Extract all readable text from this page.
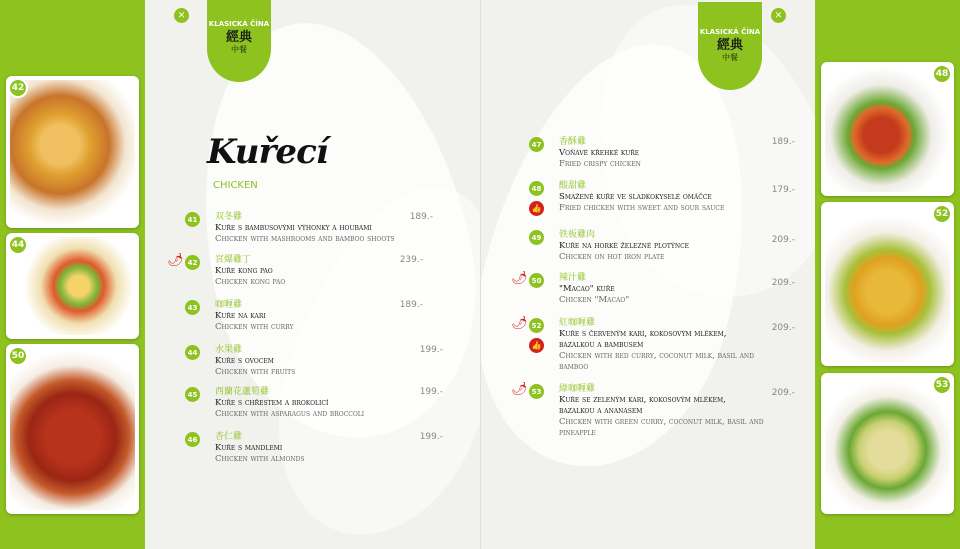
42
44
50
✕
KLASICKÁ ČÍNA
經典
中餐
Kuřecí
CHICKEN
41 双冬雞
Kuře s bambusovými výhonky a houbami
Chicken with mashrooms and bamboo shoots
189.-
🌶 42 宮爆雞丁
Kuře kong pao
Chicken kong pao
239.-
43 咖喱雞
Kuře na kari
Chicken with curry
189.-
44 水果雞
Kuře s ovocem
Chicken with fruits
199.-
45 西蘭花蘆筍雞
Kuře s chřestem a brokolicí
Chicken with asparagus and broccoli
199.-
46 杏仁雞
Kuře s mandlemi
Chicken with almonds
199.-
✕
KLASICKÁ ČÍNA
經典
中餐
47 香酥雞
Voňavé křehké kuře
Fried crispy chicken
189.-
48
👍
酸甜雞
Smažené kuře ve sladkokyselé omáčce
Fried chicken with sweet and sour sauce
179.-
49 铁板雞肉
Kuře na horké železné plotýnce
Chicken on hot iron plate
209.-
🌶 50 辣汁雞
"Macao" kuře
Chicken "Macao"
209.-
🌶 52
👍
紅咖喱雞
Kuře s červeným kari, kokosovým mlékem, bazalkou a bambusem
Chicken with red curry, coconut milk, basil and bamboo
209.-
🌶 53 綠咖喱雞
Kuře se zeleným kari, kokosovým mlékem, bazalkou a ananasem
Chicken with green curry, coconut milk, basil and pineapple
209.-
48
52
53
